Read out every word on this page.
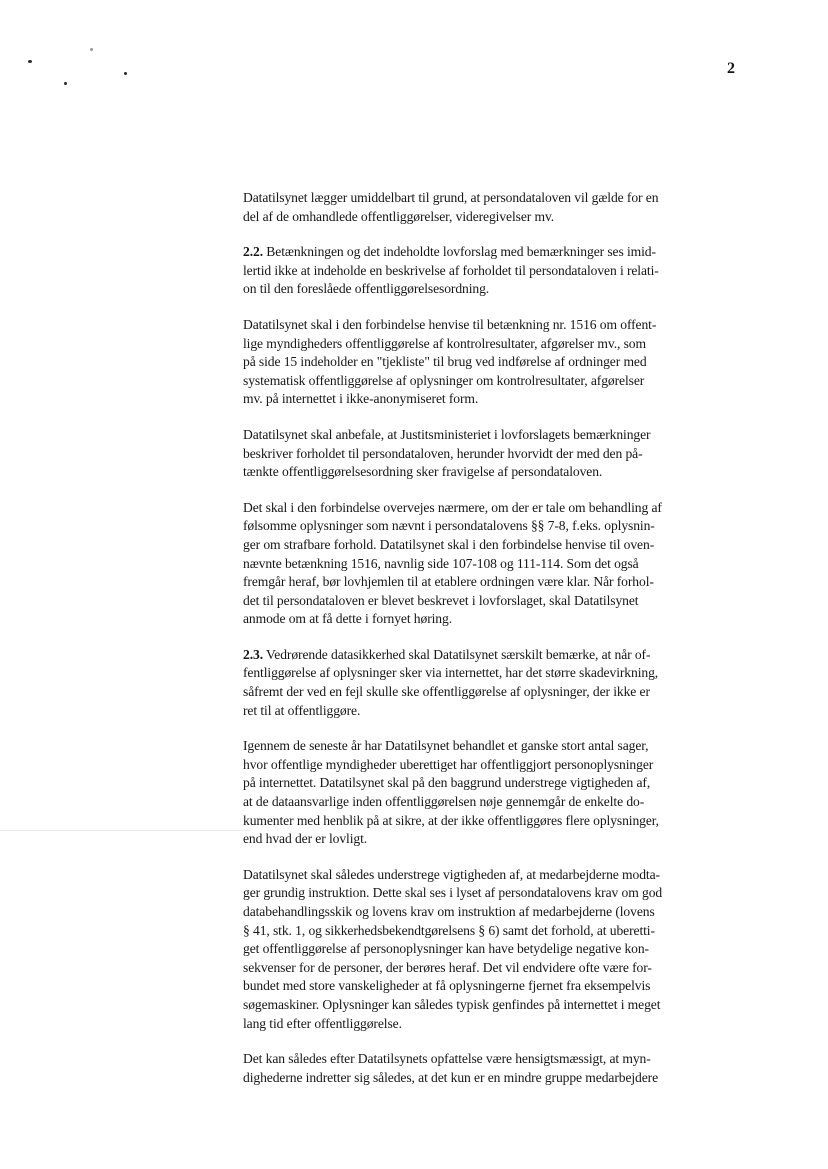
2

Datatilsynet lægger umiddelbart til grund, at persondataloven vil gælde for en
del af de omhandlede offentliggørelser, videregivelser mv.

2.2. Betænkningen og det indeholdte lovforslag med bemærkninger ses imid-
lertid ikke at indeholde en beskrivelse af forholdet til persondataloven i relati-
on til den foreslåede offentliggørelsesordning.

Datatilsynet skal i den forbindelse henvise til betænkning nr. 1516 om offent-
lige myndigheders offentliggørelse af kontrolresultater, afgørelser mv., som
på side 15 indeholder en "tjekliste" til brug ved indførelse af ordninger med
systematisk offentliggørelse af oplysninger om kontrolresultater, afgørelser
mv. på internettet i ikke-anonymiseret form.

Datatilsynet skal anbefale, at Justitsministeriet i lovforslagets bemærkninger
beskriver forholdet til persondataloven, herunder hvorvidt der med den på-
tænkte offentliggørelsesordning sker fravigelse af persondataloven.

Det skal i den forbindelse overvejes nærmere, om der er tale om behandling af
følsomme oplysninger som nævnt i persondatalovens §§ 7-8, f.eks. oplysnin-
ger om strafbare forhold. Datatilsynet skal i den forbindelse henvise til oven-
nævnte betænkning 1516, navnlig side 107-108 og 111-114. Som det også
fremgår heraf, bør lovhjemlen til at etablere ordningen være klar. Når forhol-
det til persondataloven er blevet beskrevet i lovforslaget, skal Datatilsynet
anmode om at få dette i fornyet høring.

2.3. Vedrørende datasikkerhed skal Datatilsynet særskilt bemærke, at når of-
fentliggørelse af oplysninger sker via internettet, har det større skadevirkning,
såfremt der ved en fejl skulle ske offentliggørelse af oplysninger, der ikke er
ret til at offentliggøre.

Igennem de seneste år har Datatilsynet behandlet et ganske stort antal sager,
hvor offentlige myndigheder uberettiget har offentliggjort personoplysninger
på internettet. Datatilsynet skal på den baggrund understrege vigtigheden af,
at de dataansvarlige inden offentliggørelsen nøje gennemgår de enkelte do-
kumenter med henblik på at sikre, at der ikke offentliggøres flere oplysninger,
end hvad der er lovligt.

Datatilsynet skal således understrege vigtigheden af, at medarbejderne modta-
ger grundig instruktion. Dette skal ses i lyset af persondatalovens krav om god
databehandlingsskik og lovens krav om instruktion af medarbejderne (lovens
§ 41, stk. 1, og sikkerhedsbekendtgørelsens § 6) samt det forhold, at uberetti-
get offentliggørelse af personoplysninger kan have betydelige negative kon-
sekvenser for de personer, der berøres heraf. Det vil endvidere ofte være for-
bundet med store vanskeligheder at få oplysningerne fjernet fra eksempelvis
søgemaskiner. Oplysninger kan således typisk genfindes på internettet i meget
lang tid efter offentliggørelse.

Det kan således efter Datatilsynets opfattelse være hensigtsmæssigt, at myn-
dighederne indretter sig således, at det kun er en mindre gruppe medarbejdere
